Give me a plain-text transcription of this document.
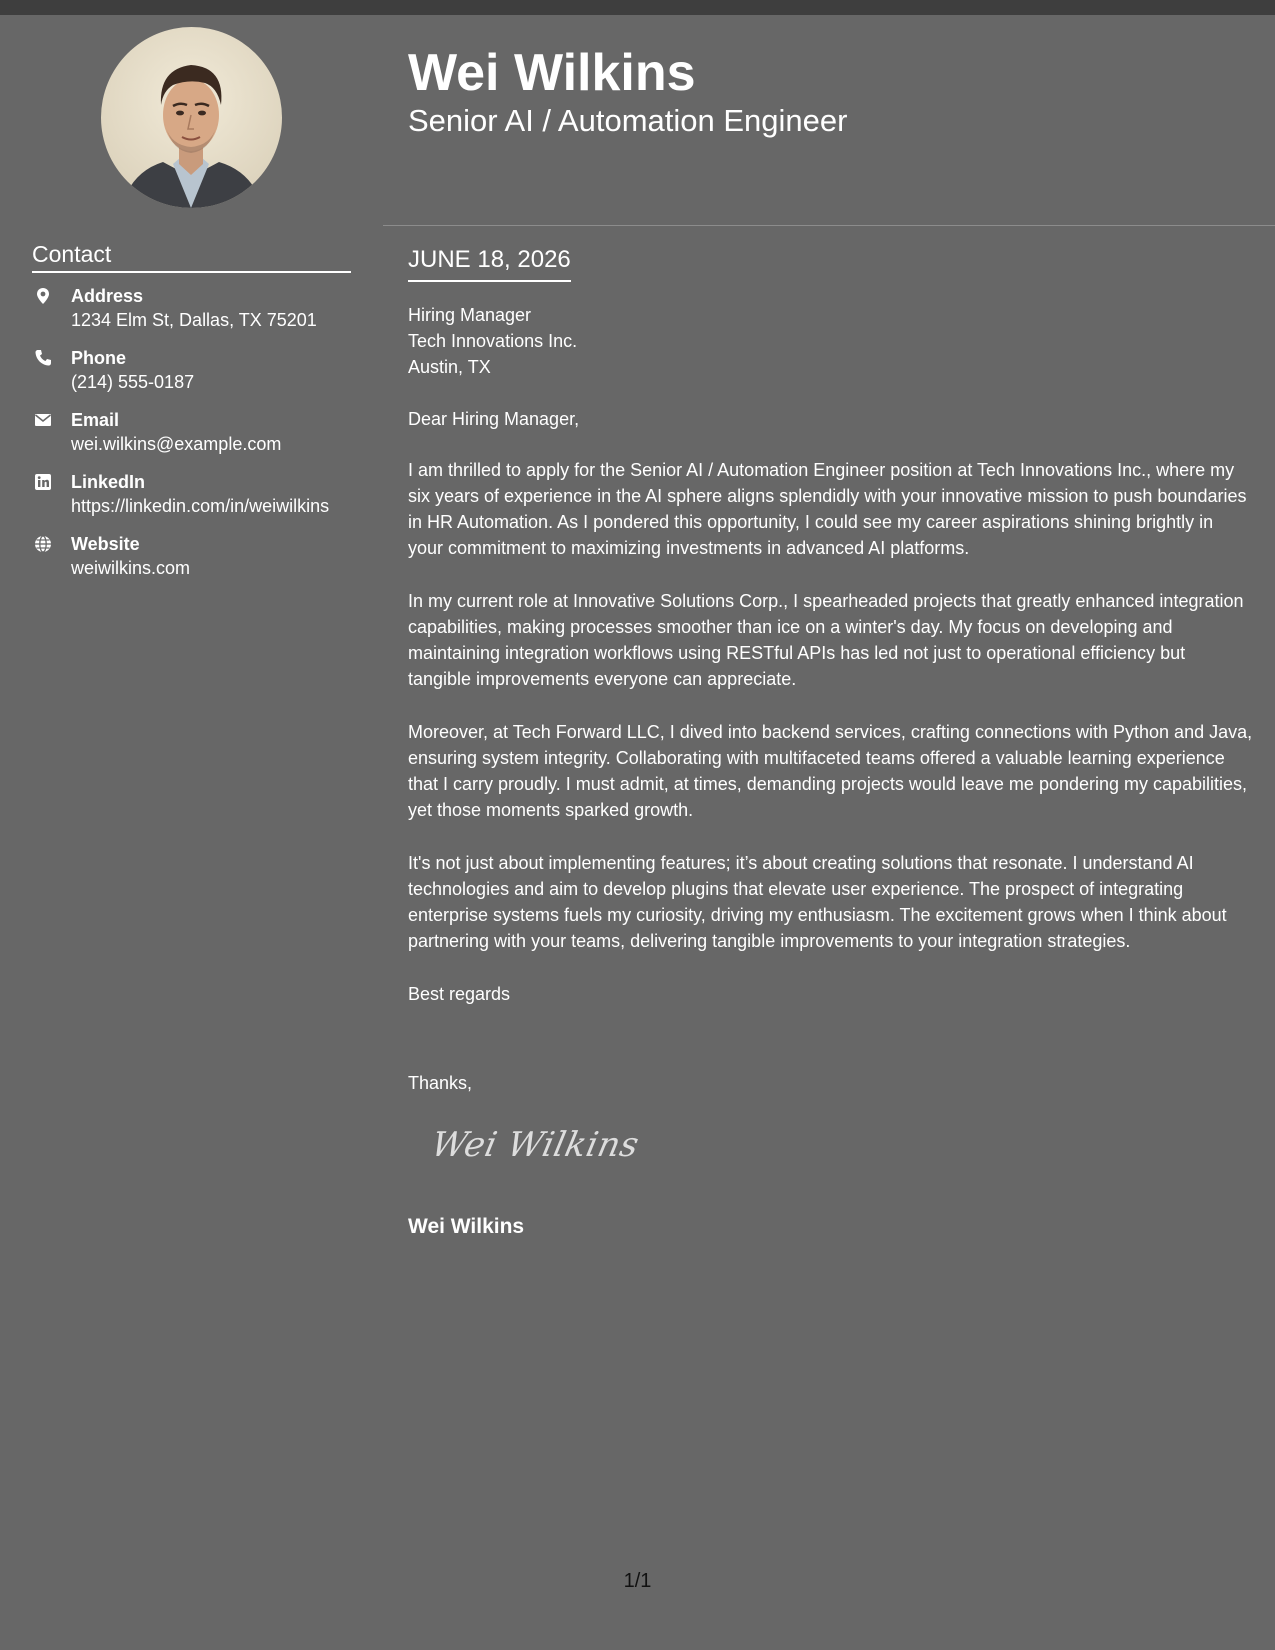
Contact
Address
1234 Elm St, Dallas, TX 75201
Phone
(214) 555-0187
Email
wei.wilkins@example.com
LinkedIn
https://linkedin.com/in/weiwilkins
Website
weiwilkins.com
Wei Wilkins
Senior AI / Automation Engineer
JUNE 18, 2026
Hiring Manager
Tech Innovations Inc.
Austin, TX

Dear Hiring Manager,

I am thrilled to apply for the Senior AI / Automation Engineer position at Tech Innovations Inc., where my six years of experience in the AI sphere aligns splendidly with your innovative mission to push boundaries in HR Automation. As I pondered this opportunity, I could see my career aspirations shining brightly in your commitment to maximizing investments in advanced AI platforms.

In my current role at Innovative Solutions Corp., I spearheaded projects that greatly enhanced integration capabilities, making processes smoother than ice on a winter's day. My focus on developing and maintaining integration workflows using RESTful APIs has led not just to operational efficiency but tangible improvements everyone can appreciate.

Moreover, at Tech Forward LLC, I dived into backend services, crafting connections with Python and Java, ensuring system integrity. Collaborating with multifaceted teams offered a valuable learning experience that I carry proudly. I must admit, at times, demanding projects would leave me pondering my capabilities, yet those moments sparked growth.

It's not just about implementing features; it’s about creating solutions that resonate. I understand AI technologies and aim to develop plugins that elevate user experience. The prospect of integrating enterprise systems fuels my curiosity, driving my enthusiasm. The excitement grows when I think about partnering with your teams, delivering tangible improvements to your integration strategies.

Best regards

Thanks,
Wei Wilkins
Wei Wilkins
1/1
